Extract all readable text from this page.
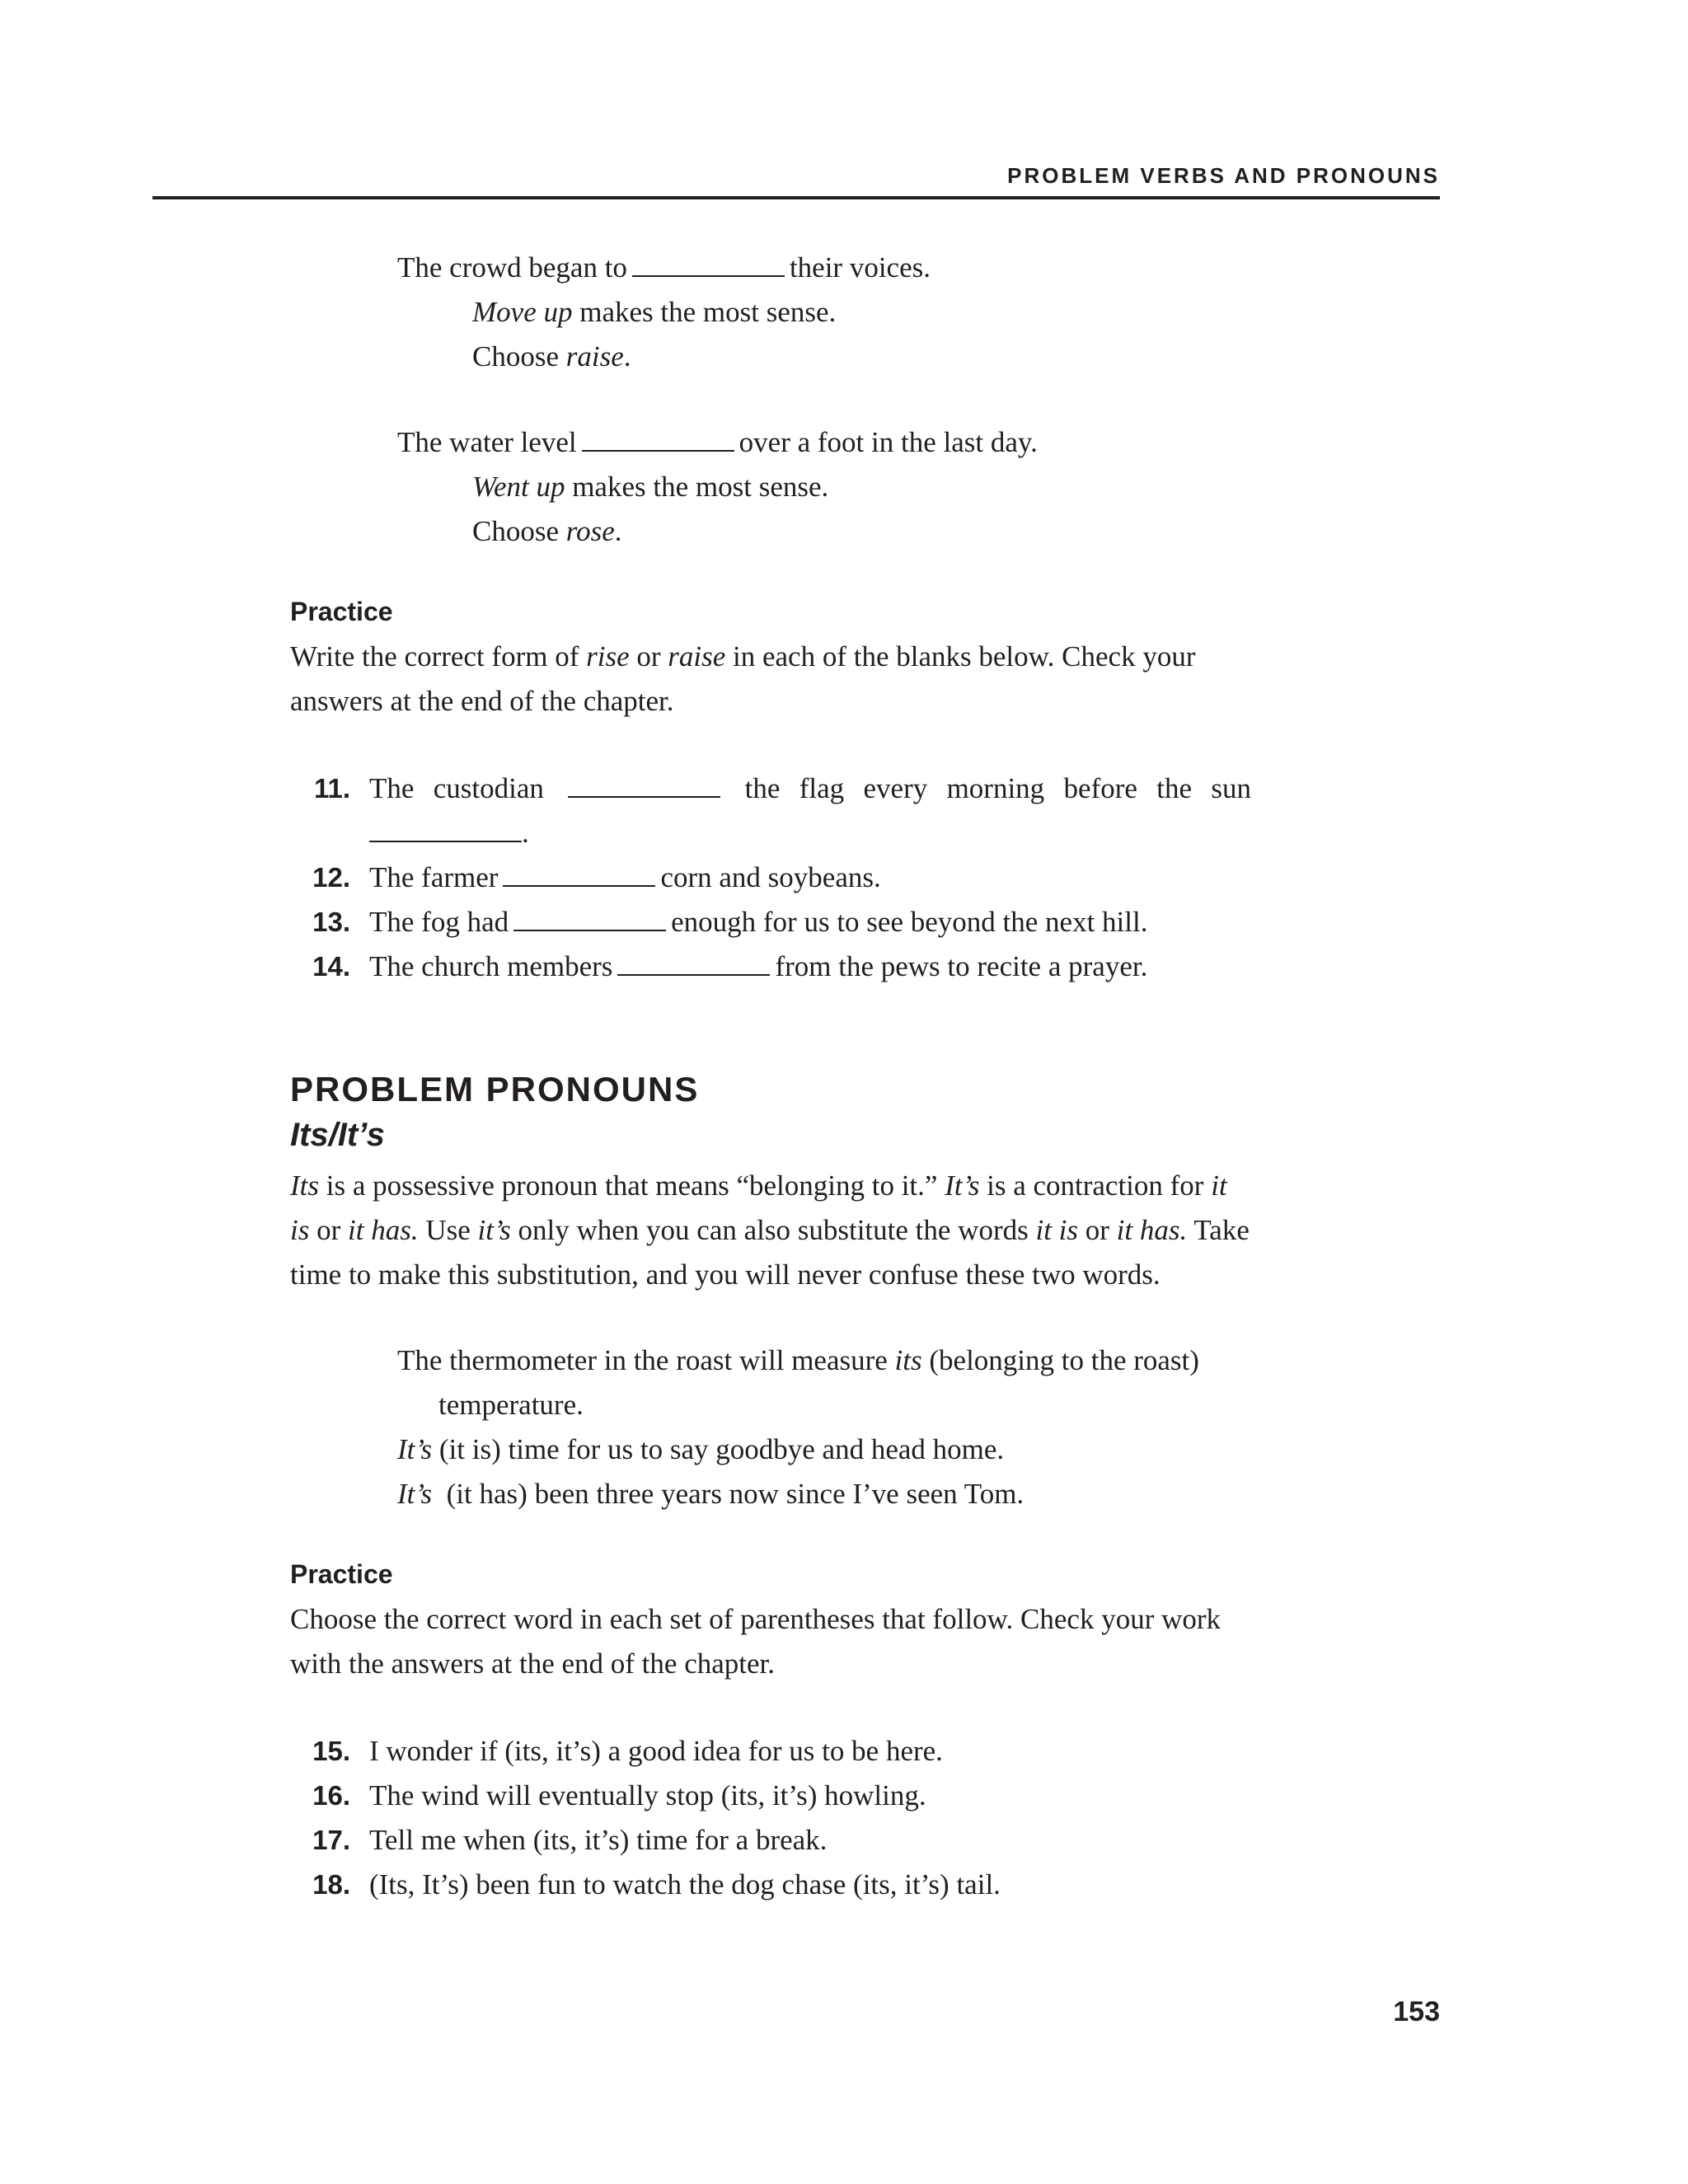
PROBLEM VERBS AND PRONOUNS
The crowd began to	their voices.
Move up makes the most sense.
Choose raise.
The water level	over a foot in the last day.
Went up makes the most sense.
Choose rose.
Practice
Write the correct form of rise or raise in each of the blanks below. Check your
answers at the end of the chapter.
11. The custodian	the flag every morning before the sun
.
12. The farmer	corn and soybeans.
13. The fog had	enough for us to see beyond the next hill.
14. The church members	from the pews to recite a prayer.
PROBLEM PRONOUNS
Its/It’s
Its is a possessive pronoun that means “belonging to it.” It’s is a contraction for it
is or it has. Use it’s only when you can also substitute the words it is or it has. Take
time to make this substitution, and you will never confuse these two words.
The thermometer in the roast will measure its (belonging to the roast)
temperature.
It’s (it is) time for us to say goodbye and head home.
It’s  (it has) been three years now since I’ve seen Tom.
Practice
Choose the correct word in each set of parentheses that follow. Check your work
with the answers at the end of the chapter.
15. I wonder if (its, it’s) a good idea for us to be here.
16. The wind will eventually stop (its, it’s) howling.
17. Tell me when (its, it’s) time for a break.
18. (Its, It’s) been fun to watch the dog chase (its, it’s) tail.
153
